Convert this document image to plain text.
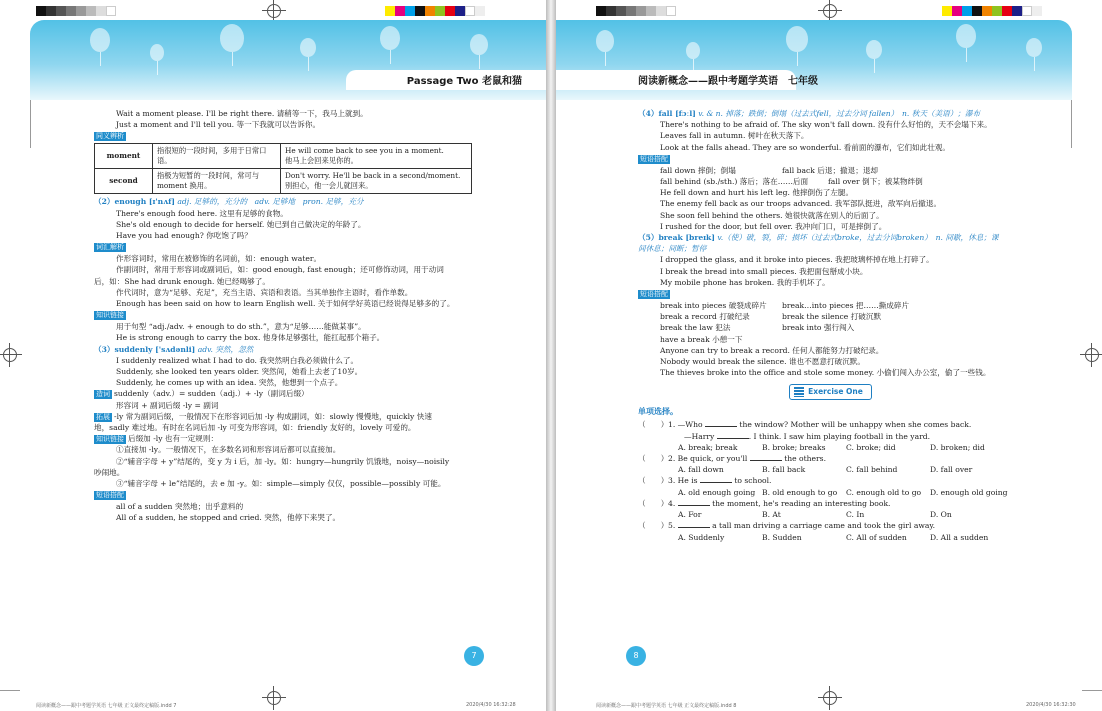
Passage Two 老鼠和猫
Wait a moment please. I'll be right there. 请稍等一下，我马上就到。
Just a moment and I'll tell you. 等一下我就可以告诉你。
同义辨析
moment	指很短的一段时间，多用于日常口语。	He will come back to see you in a moment.
他马上会回来见你的。

second	指极为短暂的一段时间，常可与 moment 换用。	Don't worry. He'll be back in a second/moment.
别担心，他一会儿就回来。
（2）enough [ɪ'nʌf] adj. 足够的，充分的　adv. 足够地　pron. 足够，充分
There's enough food here. 这里有足够的食物。
She's old enough to decide for herself. 她已到自己做决定的年龄了。
Have you had enough? 你吃饱了吗？
词汇解析
作形容词时，常用在被修饰的名词前，如：enough water。
作副词时，常用于形容词或副词后，如：good enough, fast enough；还可修饰动词，用于动词
后，如：She had drunk enough. 她已经喝够了。
作代词时，意为“足够、充足”，充当主语、宾语和表语。当其单独作主语时，看作单数。
Enough has been said on how to learn English well. 关于如何学好英语已经说得足够多的了。
知识链接
用于句型 “adj./adv. + enough to do sth.”，意为“足够……能做某事”。
He is strong enough to carry the box. 他身体足够强壮，能扛起那个箱子。
（3）suddenly ['sʌdənli] adv. 突然，忽然
I suddenly realized what I had to do. 我突然明白我必须做什么了。
Suddenly, she looked ten years older. 突然间，她看上去老了10岁。
Suddenly, he comes up with an idea. 突然，他想到一个点子。
造词 suddenly（adv.）= sudden（adj.）+ -ly（副词后缀）
形容词 + 副词后缀 -ly = 副词
拓展 -ly 常为副词后缀，一般情况下在形容词后加 -ly 构成副词，如：slowly 慢慢地，quickly 快速
地，sadly 难过地。有时在名词后加 -ly 可变为形容词，如：friendly 友好的，lovely 可爱的。
知识链接 后缀加 -ly 也有一定规则：
①直接加 -ly。一般情况下，在多数名词和形容词后都可以直接加。
②“辅音字母 + y”结尾的，变 y 为 i 后，加 -ly。如：hungry—hungrily 饥饿地，noisy—noisily
吵闹地。
③“辅音字母 + le”结尾的，去 e 加 -y。如：simple—simply 仅仅，possible—possibly 可能。
短语搭配
all of a sudden 突然地；出乎意料的
All of a sudden, he stopped and cried. 突然，他停下来哭了。
7
阅读新概念——跟中考题学英语 七年级 正文最终定稿版.indd 7	2020/4/30 16:32:28
阅读新概念——跟中考题学英语　七年级
（4）fall [fɔːl] v. & n. 掉落；跌倒；倒塌（过去式fell，过去分词 fallen）　n. 秋天（美语）；瀑布
There's nothing to be afraid of. The sky won't fall down. 没有什么好怕的，天不会塌下来。
Leaves fall in autumn. 树叶在秋天落下。
Look at the falls ahead. They are so wonderful. 看前面的瀑布，它们如此壮观。
短语搭配
fall down 摔倒；倒塌	fall back 后退；撤退；退却
fall behind (sb./sth.) 落后；落在……后面	fall over 倒下；被某物绊倒
He fell down and hurt his left leg. 他摔倒伤了左腿。
The enemy fell back as our troops advanced. 我军部队挺进，敌军向后撤退。
She soon fell behind the others. 她很快就落在别人的后面了。
I rushed for the door, but fell over. 我冲向门口，可是摔倒了。
（5）break [breɪk] v.（使）破，裂，碎；损坏（过去式broke，过去分词broken）　n. 间歇，休息；课
间休息；间断；暂停
I dropped the glass, and it broke into pieces. 我把玻璃杯掉在地上打碎了。
I break the bread into small pieces. 我把面包掰成小块。
My mobile phone has broken. 我的手机坏了。
短语搭配
break into pieces 破裂成碎片	break…into pieces 把……撕成碎片
break a record 打破纪录	break the silence 打破沉默
break the law 犯法	break into 强行闯入
have a break 小憩一下
Anyone can try to break a record. 任何人都能努力打破纪录。
Nobody would break the silence. 谁也不愿意打破沉默。
The thieves broke into the office and stole some money. 小偷们闯入办公室，偷了一些钱。
Exercise One
单项选择。
（　　） 1.
—Who

	the window? Mother will be unhappy when she comes back.
—Harry
	. I think. I saw him playing football in the yard.
A. break; break	B. broke; breaks	C. broke; did	D. broken; did
（　　） 2.
Be quick, or you'll

	the others.
A. fall down	B. fall back	C. fall behind	D. fall over
（　　） 3.
He is

	to school.
A. old enough going B. old enough to go	C. enough old to go	D. enough old going
（　　） 4.

	the moment, he's reading an interesting book.
A. For	B. At	C. In	D. On
（　　） 5.

	a tall man driving a carriage came and took the girl away.
A. Suddenly	B. Sudden	C. All of sudden	D. All a sudden
8
阅读新概念——跟中考题学英语 七年级 正文最终定稿版.indd 8	2020/4/30 16:32:30
